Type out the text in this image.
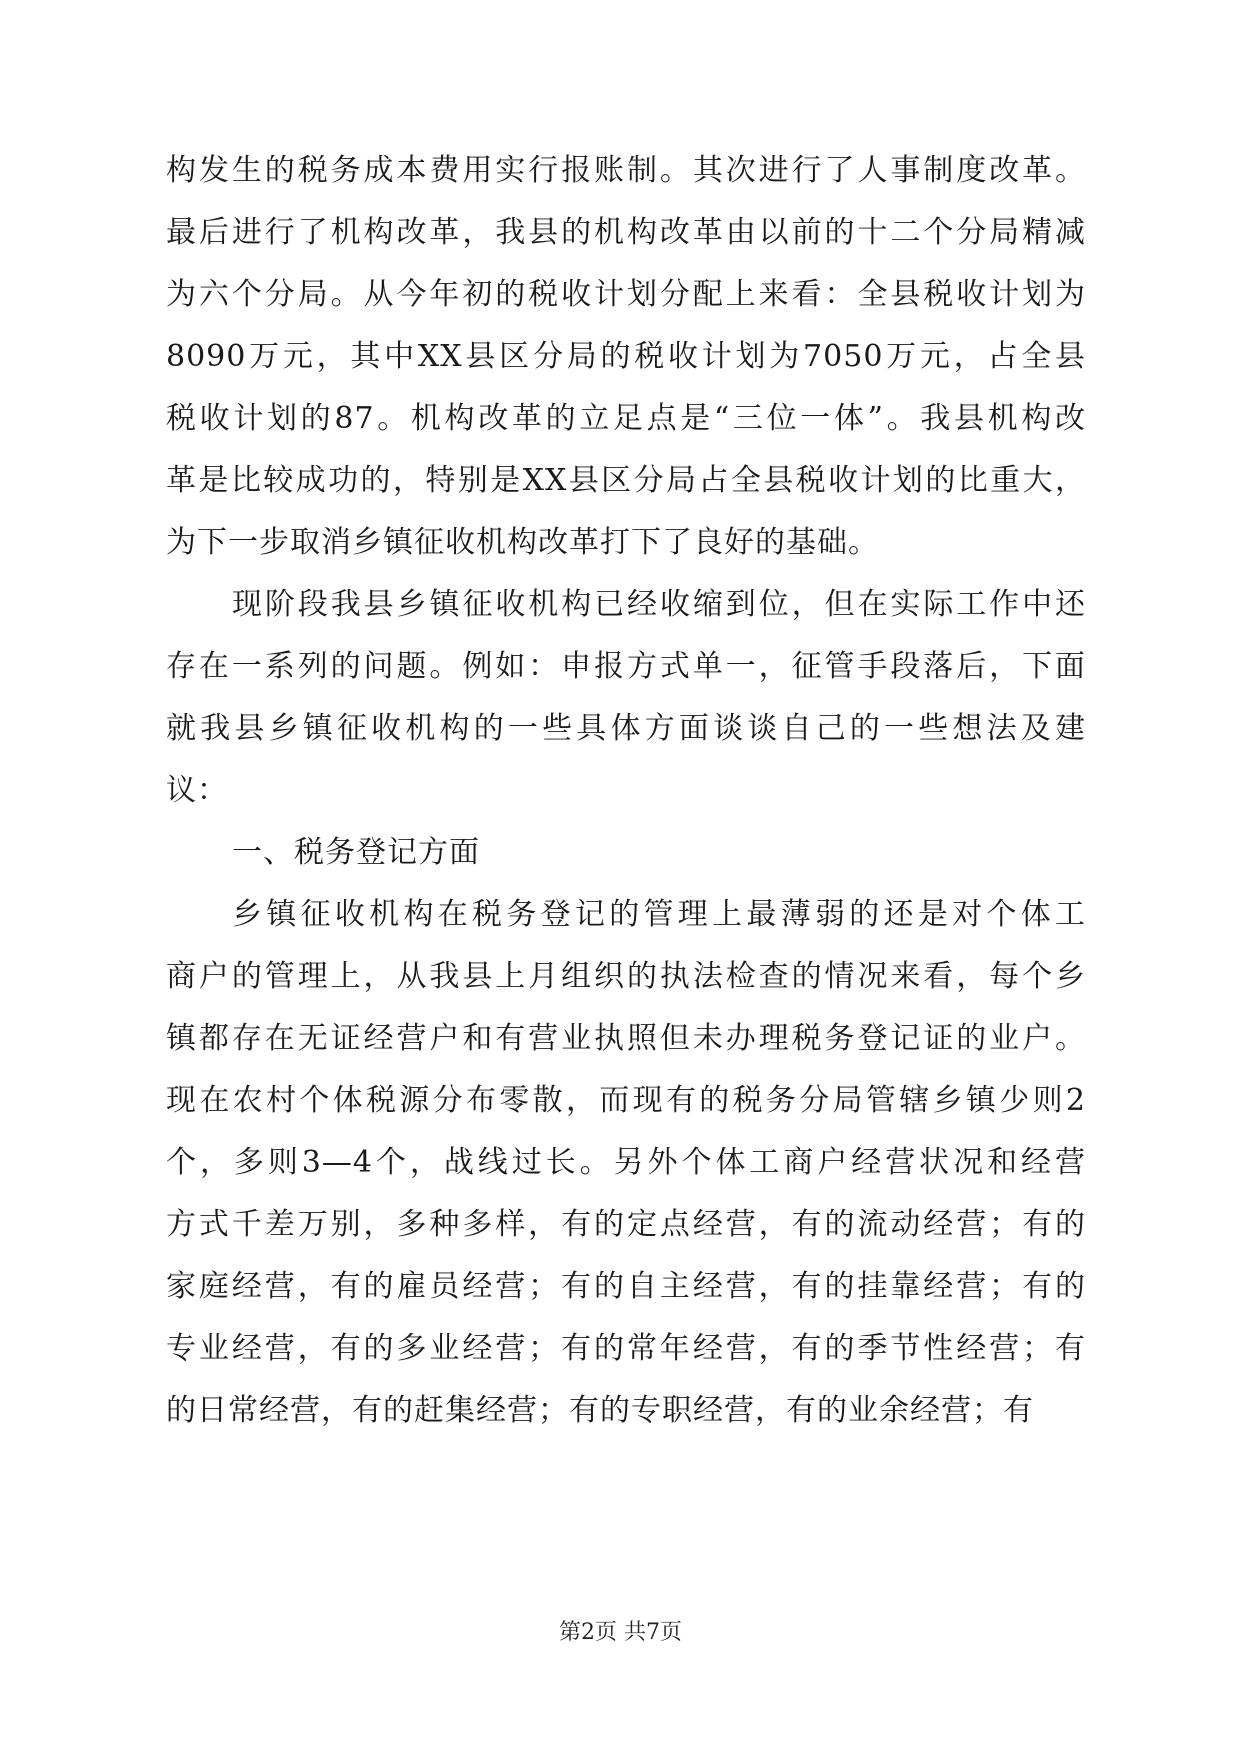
构发生的税务成本费用实行报账制。其次进行了人事制度改革。
最后进行了机构改革，我县的机构改革由以前的十二个分局精减
为六个分局。从今年初的税收计划分配上来看：全县税收计划为
8090万元，其中XX县区分局的税收计划为7050万元，占全县
税收计划的87。机构改革的立足点是“三位一体”。我县机构改
革是比较成功的，特别是XX县区分局占全县税收计划的比重大，
为下一步取消乡镇征收机构改革打下了良好的基础。
现阶段我县乡镇征收机构已经收缩到位，但在实际工作中还
存在一系列的问题。例如：申报方式单一，征管手段落后，下面
就我县乡镇征收机构的一些具体方面谈谈自己的一些想法及建
议：
一、税务登记方面
乡镇征收机构在税务登记的管理上最薄弱的还是对个体工
商户的管理上，从我县上月组织的执法检查的情况来看，每个乡
镇都存在无证经营户和有营业执照但未办理税务登记证的业户。
现在农村个体税源分布零散，而现有的税务分局管辖乡镇少则2
个，多则3—4个，战线过长。另外个体工商户经营状况和经营
方式千差万别，多种多样，有的定点经营，有的流动经营；有的
家庭经营，有的雇员经营；有的自主经营，有的挂靠经营；有的
专业经营，有的多业经营；有的常年经营，有的季节性经营；有
的日常经营，有的赶集经营；有的专职经营，有的业余经营；有
第2页 共7页
